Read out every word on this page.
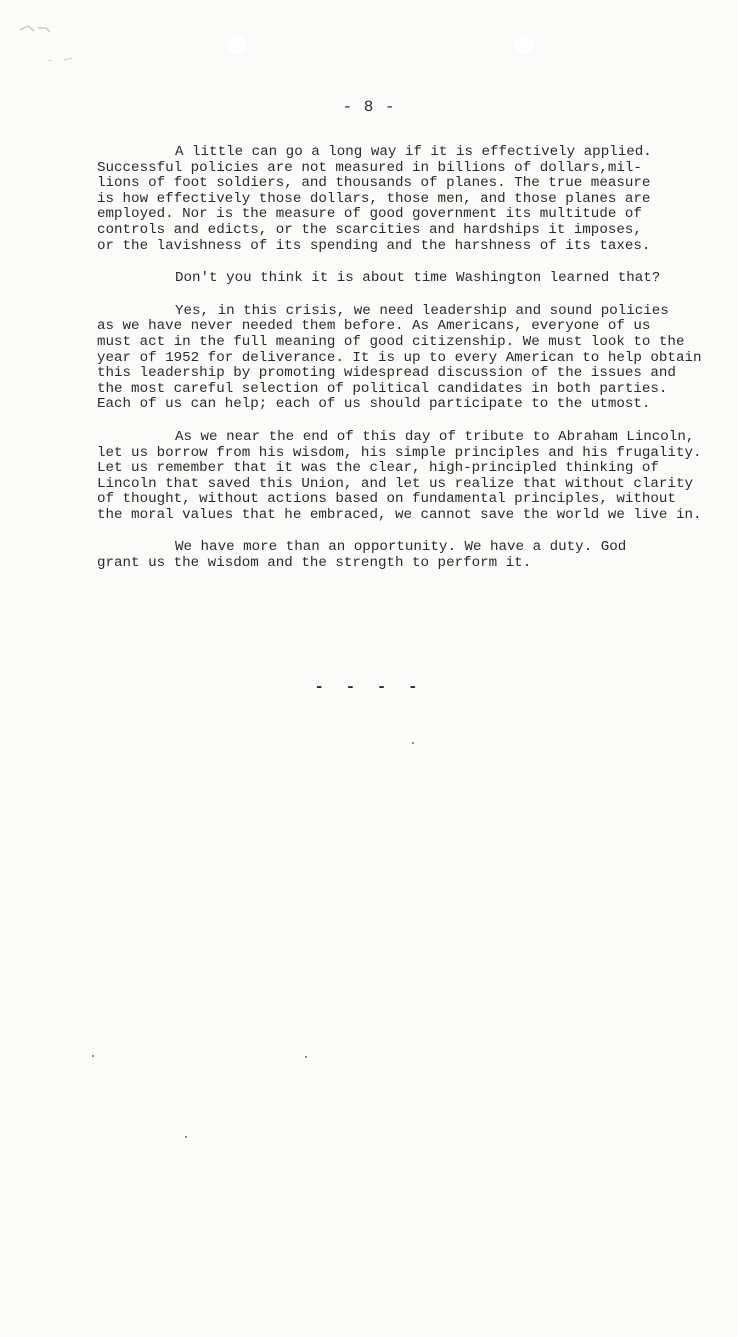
- 8 -
A little can go a long way if it is effectively applied.
Successful policies are not measured in billions of dollars,mil-
lions of foot soldiers, and thousands of planes. The true measure
is how effectively those dollars, those men, and those planes are
employed. Nor is the measure of good government its multitude of
controls and edicts, or the scarcities and hardships it imposes,
or the lavishness of its spending and the harshness of its taxes.
Don't you think it is about time Washington learned that?
Yes, in this crisis, we need leadership and sound policies
as we have never needed them before. As Americans, everyone of us
must act in the full meaning of good citizenship. We must look to the
year of 1952 for deliverance. It is up to every American to help obtain
this leadership by promoting widespread discussion of the issues and
the most careful selection of political candidates in both parties.
Each of us can help; each of us should participate to the utmost.
As we near the end of this day of tribute to Abraham Lincoln,
let us borrow from his wisdom, his simple principles and his frugality.
Let us remember that it was the clear, high-principled thinking of
Lincoln that saved this Union, and let us realize that without clarity
of thought, without actions based on fundamental principles, without
the moral values that he embraced, we cannot save the world we live in.
We have more than an opportunity. We have a duty. God
grant us the wisdom and the strength to perform it.
- - - -
